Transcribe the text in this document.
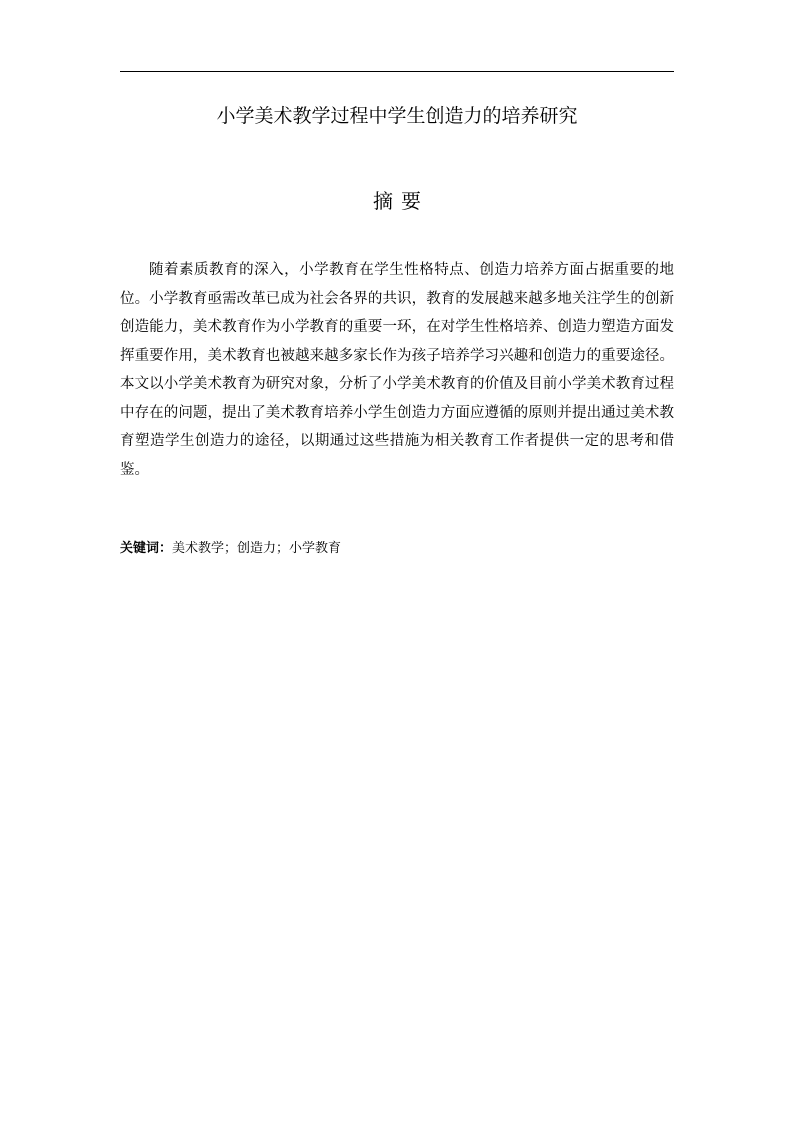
小学美术教学过程中学生创造力的培养研究
摘要

随着素质教育的深入，小学教育在学生性格特点、创造力培养方面占据重要的地位。小学教育亟需改革已成为社会各界的共识，教育的发展越来越多地关注学生的创新创造能力，美术教育作为小学教育的重要一环，在对学生性格培养、创造力塑造方面发挥重要作用，美术教育也被越来越多家长作为孩子培养学习兴趣和创造力的重要途径。本文以小学美术教育为研究对象，分析了小学美术教育的价值及目前小学美术教育过程中存在的问题，提出了美术教育培养小学生创造力方面应遵循的原则并提出通过美术教育塑造学生创造力的途径，以期通过这些措施为相关教育工作者提供一定的思考和借鉴。

关键词：美术教学；创造力；小学教育
